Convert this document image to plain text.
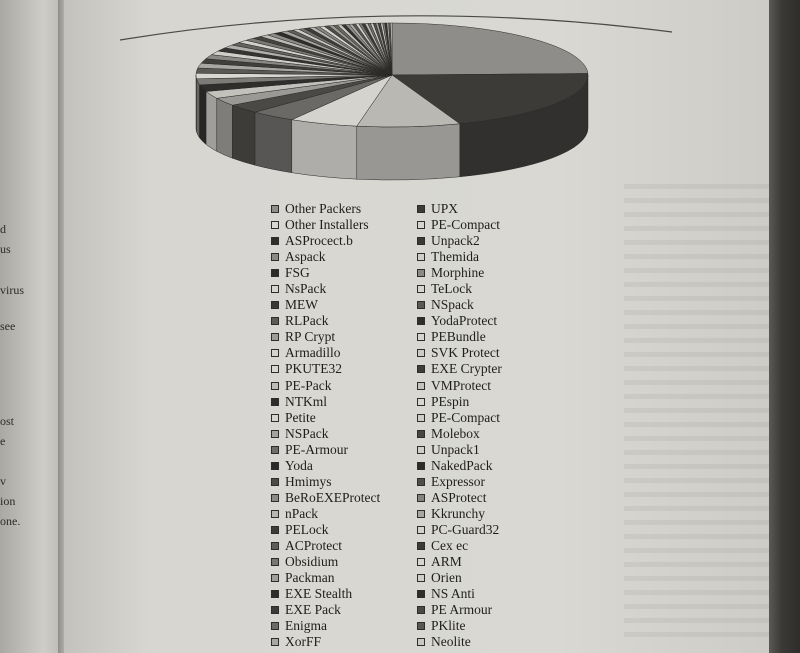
d
us
virus
see
ost
e
v
ion
one.
Other Packers
Other Installers
ASProcect.b
Aspack
FSG
NsPack
MEW
RLPack
RP Crypt
Armadillo
PKUTE32
PE-Pack
NTKml
Petite
NSPack
PE-Armour
Yoda
Hmimys
BeRoEXEProtect
nPack
PELock
ACProtect
Obsidium
Packman
EXE Stealth
EXE Pack
Enigma
XorFF
UPX
PE-Compact
Unpack2
Themida
Morphine
TeLock
NSpack
YodaProtect
PEBundle
SVK Protect
EXE Crypter
VMProtect
PEspin
PE-Compact
Molebox
Unpack1
NakedPack
Expressor
ASProtect
Kkrunchy
PC-Guard32
Cex ec
ARM
Orien
NS Anti
PE Armour
PKlite
Neolite
